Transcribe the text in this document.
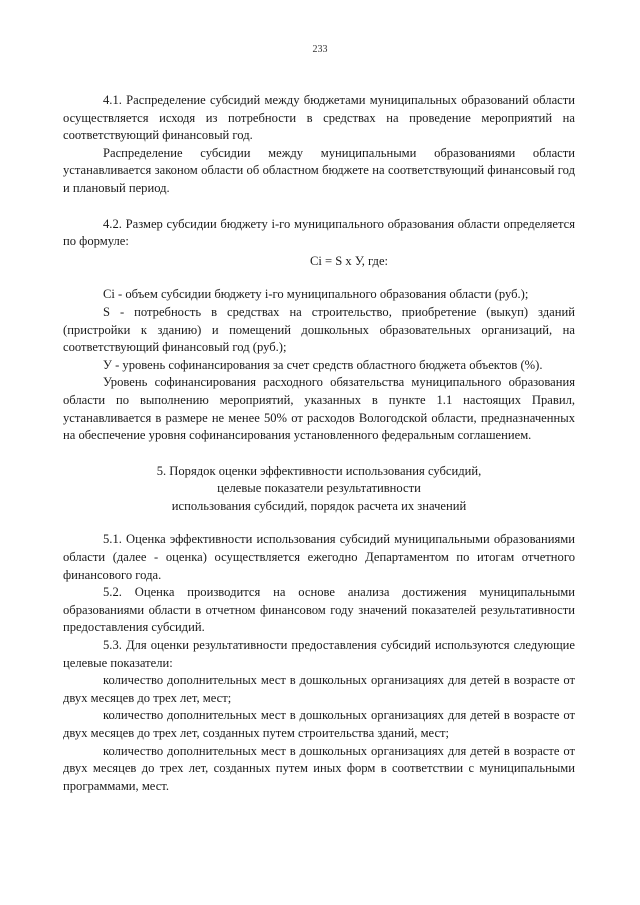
233

4.1. Распределение субсидий между бюджетами муниципальных образований области осуществляется исходя из потребности в средствах на проведение мероприятий на соответствующий финансовый год.

Распределение субсидии между муниципальными образованиями области устанавливается законом области об областном бюджете на соответствующий финансовый год и плановый период.

4.2. Размер субсидии бюджету i-го муниципального образования области определяется по формуле:

Ci = S x У, где:

Ci - объем субсидии бюджету i-го муниципального образования области (руб.);

S - потребность в средствах на строительство, приобретение (выкуп) зданий (пристройки к зданию) и помещений дошкольных образовательных организаций, на соответствующий финансовый год (руб.);

У - уровень софинансирования за счет средств областного бюджета объектов (%).

Уровень софинансирования расходного обязательства муниципального образования области по выполнению мероприятий, указанных в пункте 1.1 настоящих Правил, устанавливается в размере не менее 50% от расходов Вологодской области, предназначенных на обеспечение уровня софинансирования установленного федеральным соглашением.

5. Порядок оценки эффективности использования субсидий,
целевые показатели результативности
использования субсидий, порядок расчета их значений

5.1. Оценка эффективности использования субсидий муниципальными образованиями области (далее - оценка) осуществляется ежегодно Департаментом по итогам отчетного финансового года.

5.2. Оценка производится на основе анализа достижения муниципальными образованиями области в отчетном финансовом году значений показателей результативности предоставления субсидий.

5.3. Для оценки результативности предоставления субсидий используются следующие целевые показатели:

количество дополнительных мест в дошкольных организациях для детей в возрасте от двух месяцев до трех лет, мест;

количество дополнительных мест в дошкольных организациях для детей в возрасте от двух месяцев до трех лет, созданных путем строительства зданий, мест;

количество дополнительных мест в дошкольных организациях для детей в возрасте от двух месяцев до трех лет, созданных путем иных форм в соответствии с муниципальными программами, мест.
